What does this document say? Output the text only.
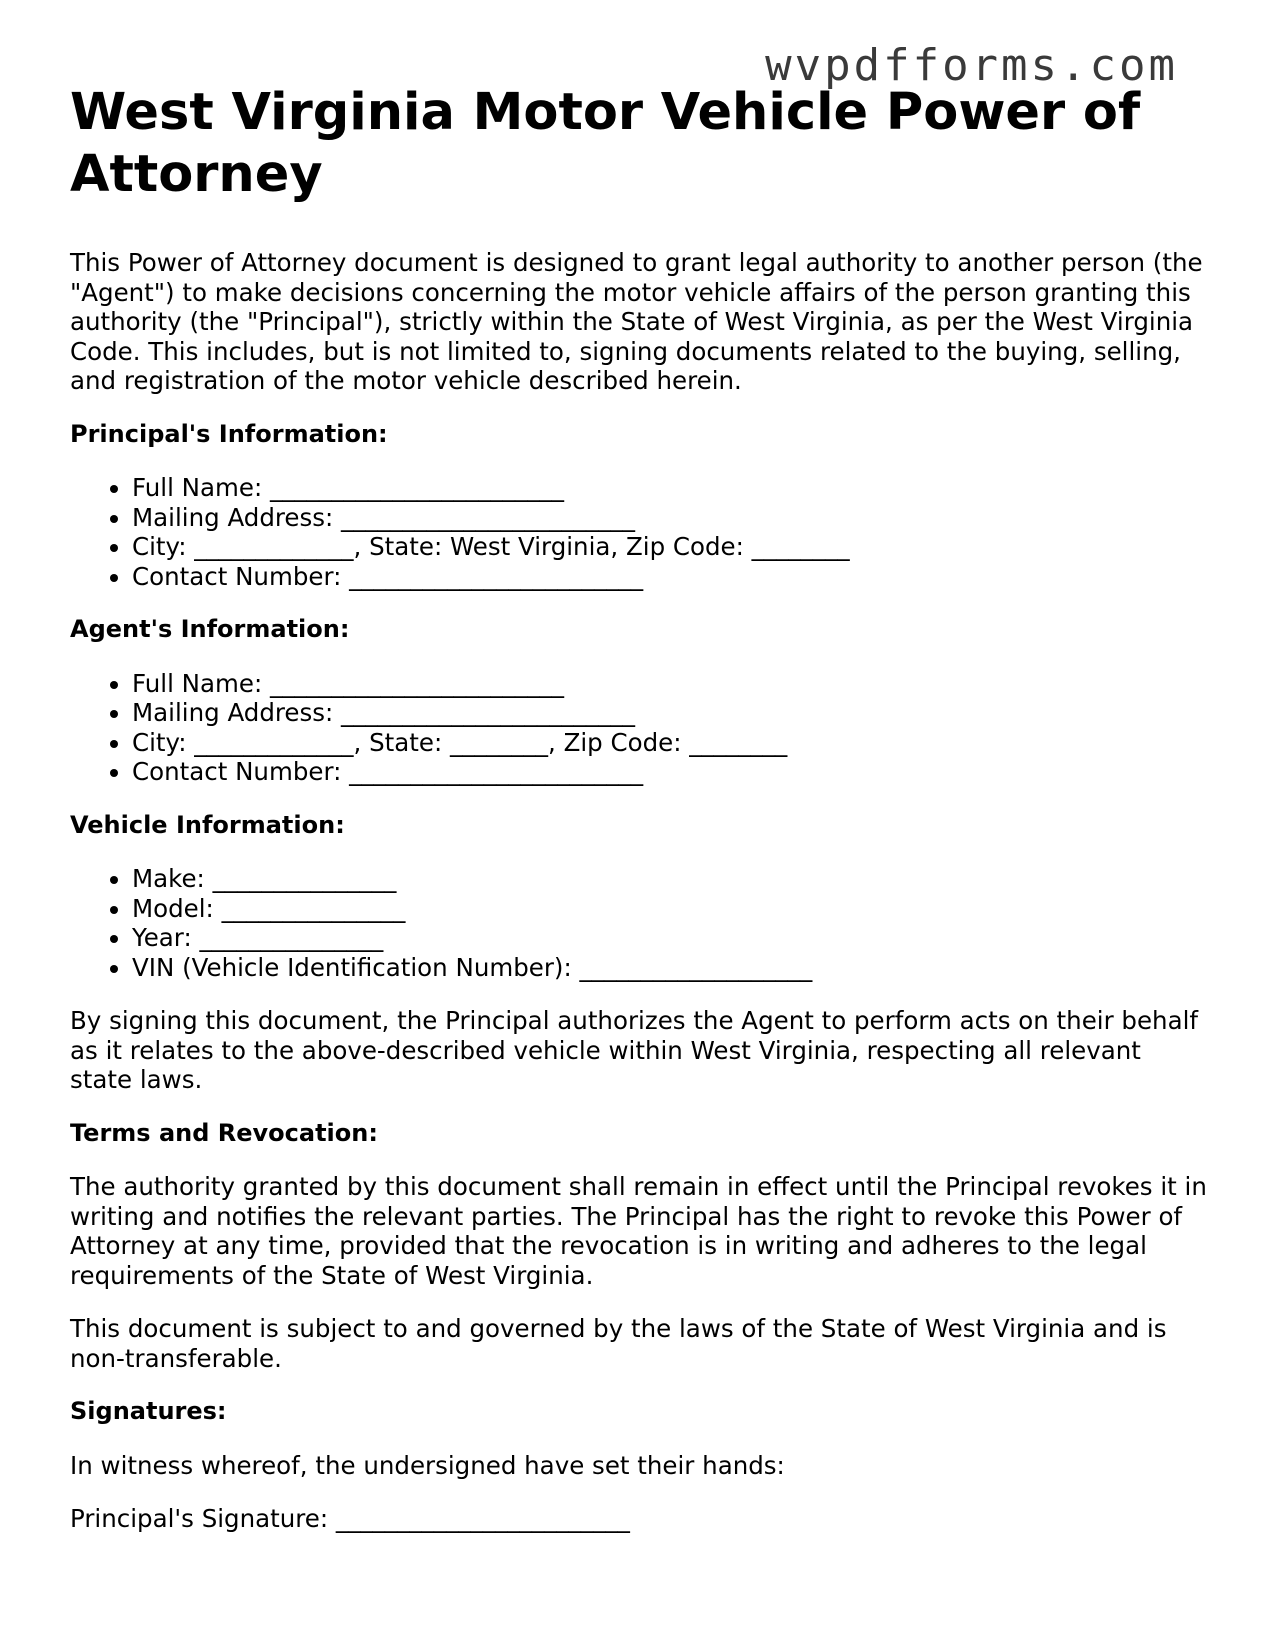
wvpdfforms.com
West Virginia Motor Vehicle Power of Attorney

This Power of Attorney document is designed to grant legal authority to another person (the "Agent") to make decisions concerning the motor vehicle affairs of the person granting this authority (the "Principal"), strictly within the State of West Virginia, as per the West Virginia Code. This includes, but is not limited to, signing documents related to the buying, selling, and registration of the motor vehicle described herein.

Principal's Information:

• Full Name: ________________________
• Mailing Address: ________________________
• City: _____________, State: West Virginia, Zip Code: ________
• Contact Number: ________________________

Agent's Information:

• Full Name: ________________________
• Mailing Address: ________________________
• City: _____________, State: ________, Zip Code: ________
• Contact Number: ________________________

Vehicle Information:

• Make: _______________
• Model: _______________
• Year: _______________
• VIN (Vehicle Identification Number): ___________________

By signing this document, the Principal authorizes the Agent to perform acts on their behalf as it relates to the above-described vehicle within West Virginia, respecting all relevant state laws.

Terms and Revocation:

The authority granted by this document shall remain in effect until the Principal revokes it in writing and notifies the relevant parties. The Principal has the right to revoke this Power of Attorney at any time, provided that the revocation is in writing and adheres to the legal requirements of the State of West Virginia.

This document is subject to and governed by the laws of the State of West Virginia and is non-transferable.

Signatures:

In witness whereof, the undersigned have set their hands:

Principal's Signature: ________________________
